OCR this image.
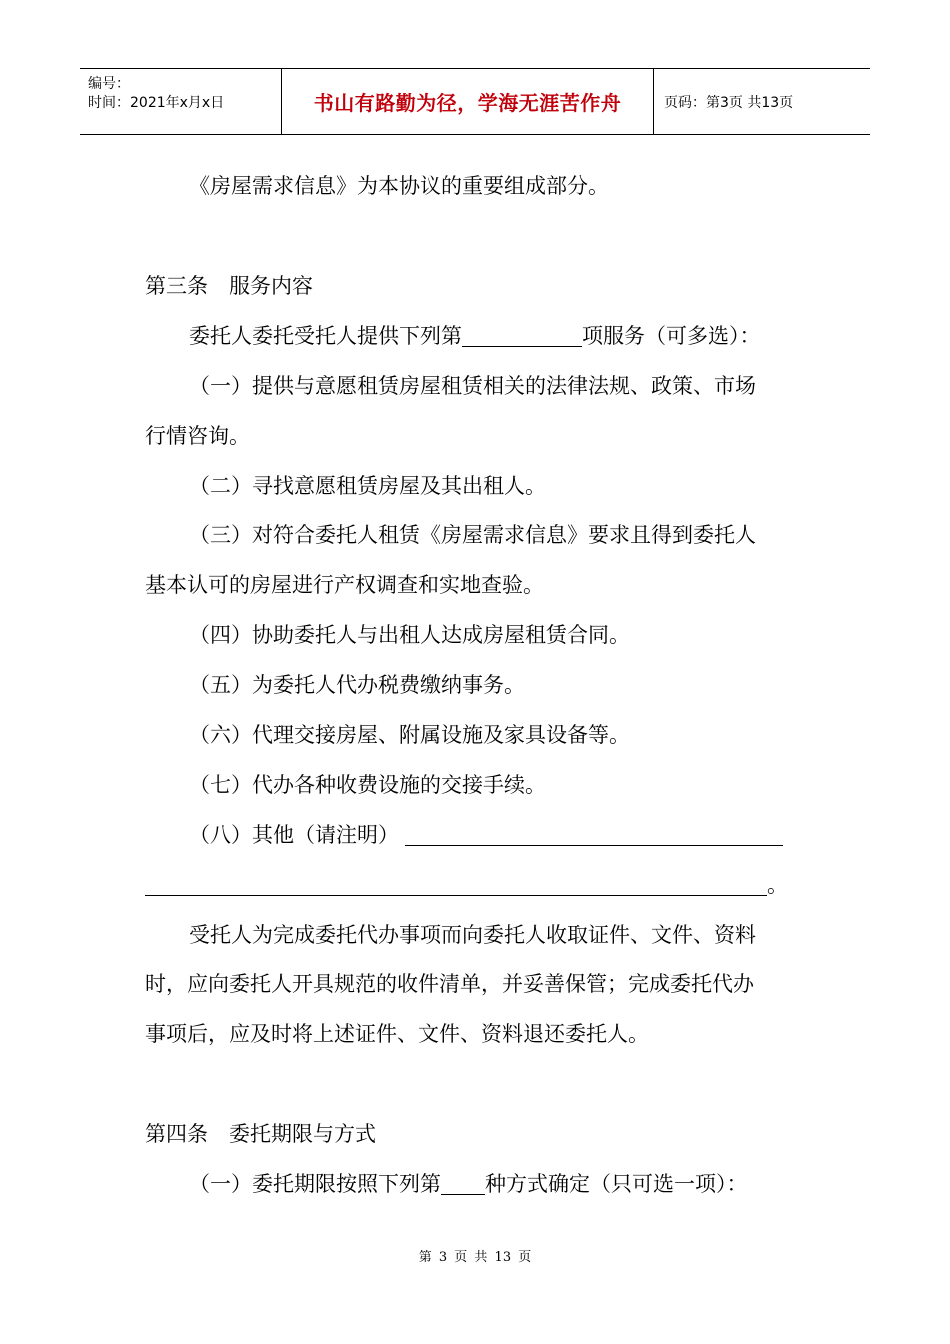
编号：
时间：2021年x月x日	书山有路勤为径，学海无涯苦作舟	页码：第3页 共13页
《房屋需求信息》为本协议的重要组成部分。
第三条　服务内容
委托人委托受托人提供下列第	项服务（可多选）：
（一）提供与意愿租赁房屋租赁相关的法律法规、政策、市场
行情咨询。
（二）寻找意愿租赁房屋及其出租人。
（三）对符合委托人租赁《房屋需求信息》要求且得到委托人
基本认可的房屋进行产权调查和实地查验。
（四）协助委托人与出租人达成房屋租赁合同。
（五）为委托人代办税费缴纳事务。
（六）代理交接房屋、附属设施及家具设备等。
（七）代办各种收费设施的交接手续。
（八）其他（请注明）
。
受托人为完成委托代办事项而向委托人收取证件、文件、资料
时，应向委托人开具规范的收件清单，并妥善保管；完成委托代办
事项后，应及时将上述证件、文件、资料退还委托人。
第四条　委托期限与方式
（一）委托期限按照下列第 种方式确定（只可选一项）：
第 3 页 共 13 页
